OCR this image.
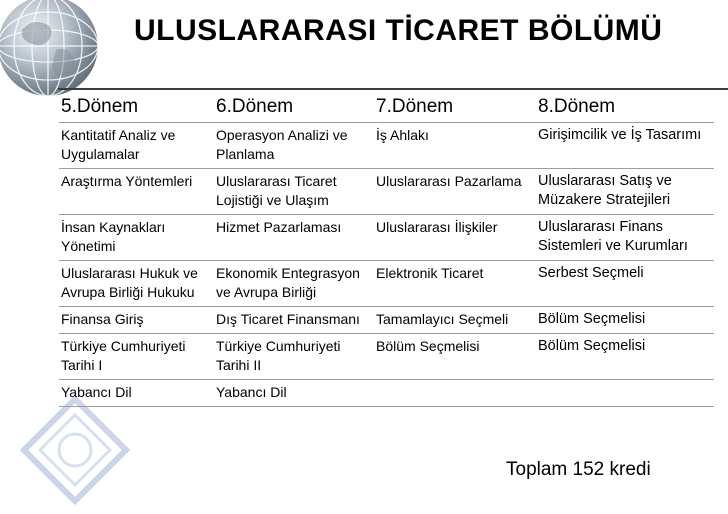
ULUSLARARASI TİCARET BÖLÜMÜ
5.Dönem	6.Dönem	7.Dönem	8.Dönem
Kantitatif Analiz ve Uygulamalar	Operasyon Analizi ve Planlama	İş Ahlakı	Girişimcilik ve İş Tasarımı
Araştırma Yöntemleri	Uluslararası Ticaret Lojistiği ve Ulaşım	Uluslararası Pazarlama	Uluslararası Satış ve Müzakere Stratejileri
İnsan Kaynakları Yönetimi	Hizmet Pazarlaması	Uluslararası İlişkiler	Uluslararası Finans Sistemleri ve Kurumları
Uluslararası Hukuk ve Avrupa Birliği Hukuku	Ekonomik Entegrasyon ve Avrupa Birliği	Elektronik Ticaret	Serbest Seçmeli
Finansa Giriş	Dış Ticaret Finansmanı	Tamamlayıcı Seçmeli	Bölüm Seçmelisi
Türkiye Cumhuriyeti Tarihi I	Türkiye Cumhuriyeti Tarihi II	Bölüm Seçmelisi	Bölüm Seçmelisi
Yabancı Dil	Yabancı Dil		
Toplam 152 kredi
